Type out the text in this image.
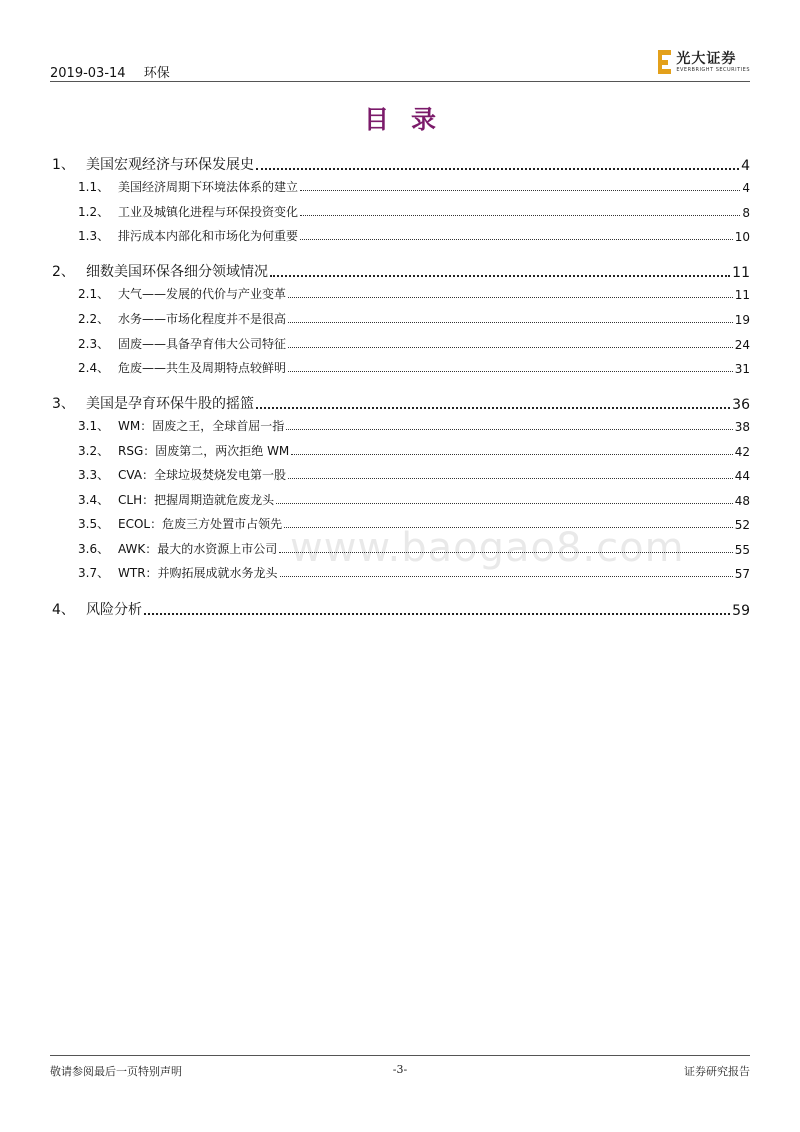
2019-03-14 环保
光大证券
EVERBRIGHT SECURITIES
目录
www.baogao8.com
1、 美国宏观经济与环保发展史	4
1.1、 美国经济周期下环境法体系的建立	4
1.2、 工业及城镇化进程与环保投资变化	8
1.3、 排污成本内部化和市场化为何重要	10
2、 细数美国环保各细分领域情况	11
2.1、 大气——发展的代价与产业变革	11
2.2、 水务——市场化程度并不是很高	19
2.3、 固废——具备孕育伟大公司特征	24
2.4、 危废——共生及周期特点较鲜明	31
3、 美国是孕育环保牛股的摇篮	36
3.1、 WM：固废之王，全球首屈一指	38
3.2、 RSG：固废第二，两次拒绝 WM	42
3.3、 CVA：全球垃圾焚烧发电第一股	44
3.4、 CLH：把握周期造就危废龙头	48
3.5、 ECOL：危废三方处置市占领先	52
3.6、 AWK：最大的水资源上市公司	55
3.7、 WTR：并购拓展成就水务龙头	57
4、 风险分析	59
敬请参阅最后一页特别声明	-3-	证券研究报告
